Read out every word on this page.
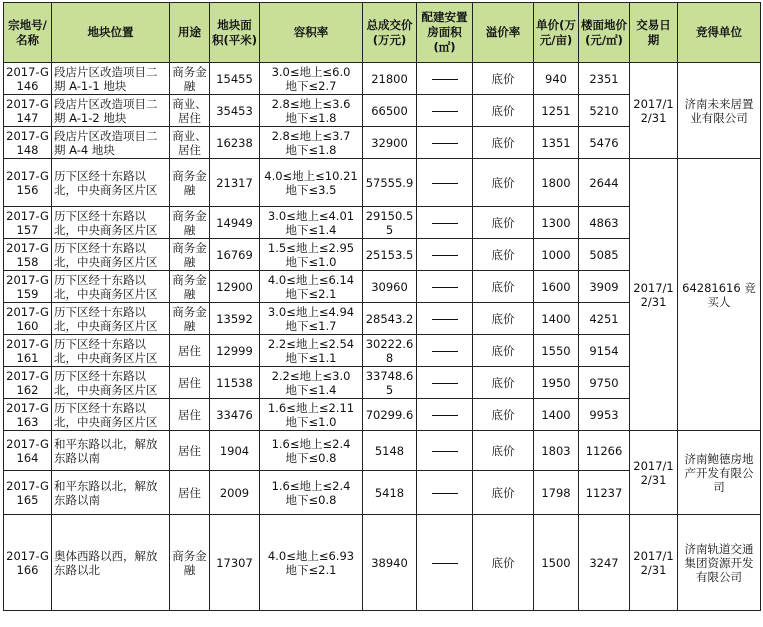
宗地号/名称	地块位置	用途	地块面积(平米)	容积率	总成交价(万元)	配建安置房面积(㎡)	溢价率	单价(万元/亩)	楼面地价(元/㎡)	交易日期	竞得单位
2017-G146	段店片区改造项目二期 A-1-1 地块	商务金融	15455	3.0≤地上≤6.0
地下≤2.7	21800		底价	940	2351	2017/12/31	济南未来居置业有限公司
2017-G147	段店片区改造项目二期 A-1-2 地块	商业、居住	35453	2.8≤地上≤3.6
地下≤1.8	66500		底价	1251	5210		
2017-G148	段店片区改造项目二期 A-4 地块	商业、居住	16238	2.8≤地上≤3.7
地下≤1.8	32900		底价	1351	5476		
2017-G156	历下区经十东路以北，中央商务区片区	商务金融	21317	4.0≤地上≤10.21
地下≤3.5	57555.9		底价	1800	2644	2017/12/31	64281616 竞买人
2017-G157	历下区经十东路以北，中央商务区片区	商务金融	14949	3.0≤地上≤4.01
地下≤1.4	29150.55		底价	1300	4863		
2017-G158	历下区经十东路以北，中央商务区片区	商务金融	16769	1.5≤地上≤2.95
地下≤1.0	25153.5		底价	1000	5085		
2017-G159	历下区经十东路以北，中央商务区片区	商务金融	12900	4.0≤地上≤6.14
地下≤2.1	30960		底价	1600	3909		
2017-G160	历下区经十东路以北，中央商务区片区	商务金融	13592	3.0≤地上≤4.94
地下≤1.7	28543.2		底价	1400	4251		
2017-G161	历下区经十东路以北，中央商务区片区	居住	12999	2.2≤地上≤2.54
地下≤1.1	30222.68		底价	1550	9154		
2017-G162	历下区经十东路以北，中央商务区片区	居住	11538	2.2≤地上≤3.0
地下≤1.4	33748.65		底价	1950	9750		
2017-G163	历下区经十东路以北，中央商务区片区	居住	33476	1.6≤地上≤2.11
地下≤1.0	70299.6		底价	1400	9953		
2017-G164	和平东路以北，解放东路以南	居住	1904	1.6≤地上≤2.4
地下≤0.8	5148		底价	1803	11266	2017/12/31	济南鲍德房地产开发有限公司
2017-G165	和平东路以北，解放东路以南	居住	2009	1.6≤地上≤2.4
地下≤0.8	5418		底价	1798	11237		
2017-G166	奥体西路以西，解放东路以北	商务金融	17307	4.0≤地上≤6.93
地下≤2.1	38940		底价	1500	3247	2017/12/31	济南轨道交通集团资源开发有限公司
